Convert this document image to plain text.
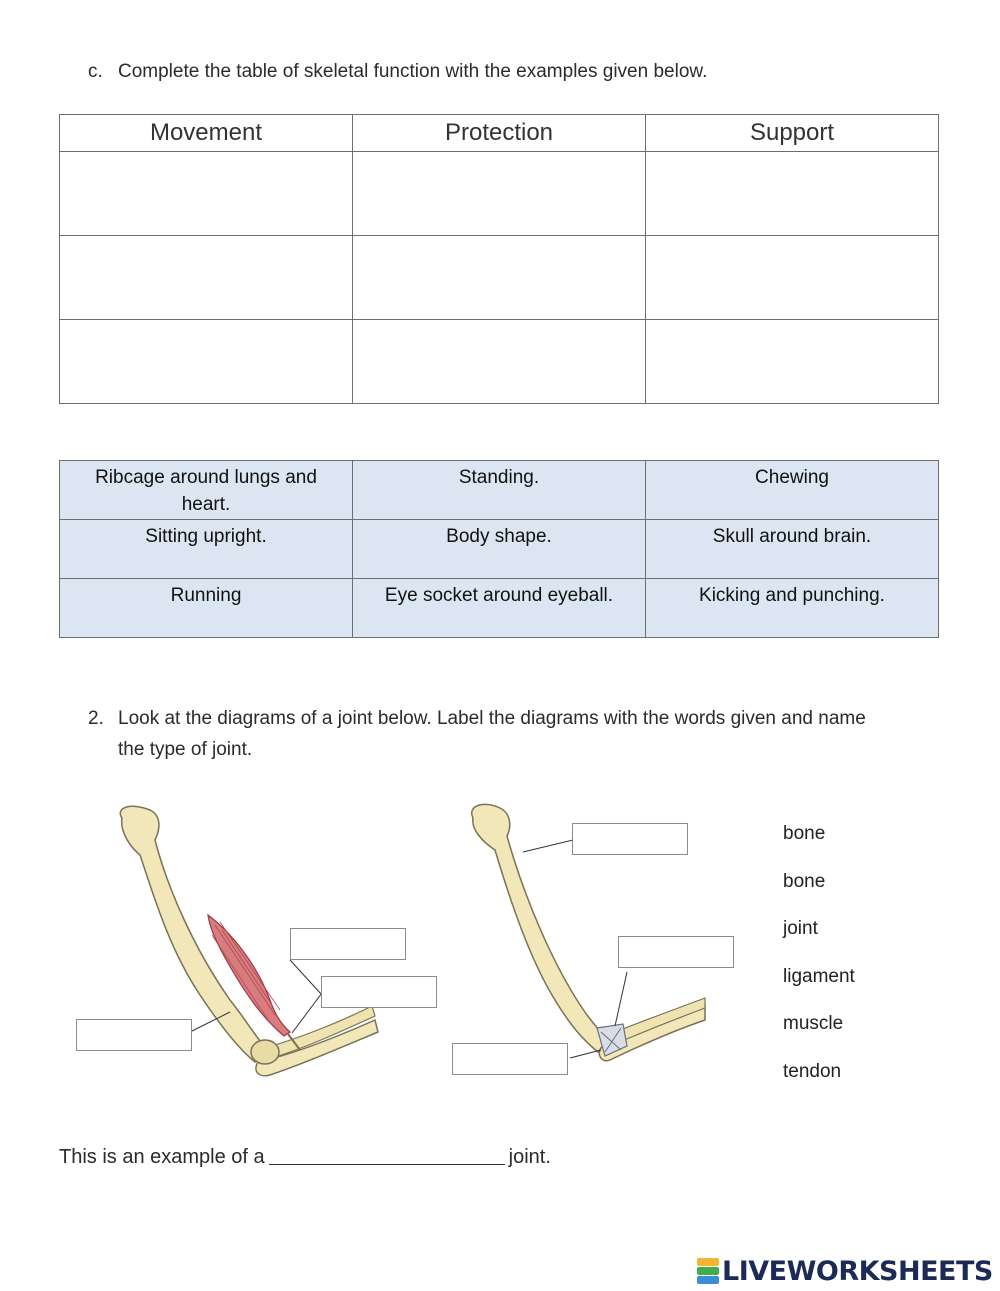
c. Complete the table of skeletal function with the examples given below.
Movement	Protection	Support

Ribcage around lungs and heart.	Standing.	Chewing
Sitting upright.	Body shape.	Skull around brain.
Running	Eye socket around eyeball.	Kicking and punching.
2. Look at the diagrams of a joint below. Label the diagrams with the words given and name
the type of joint.
bone
bone
joint
ligament
muscle
tendon
This is an example of a	joint.
LIVEWORKSHEETS
